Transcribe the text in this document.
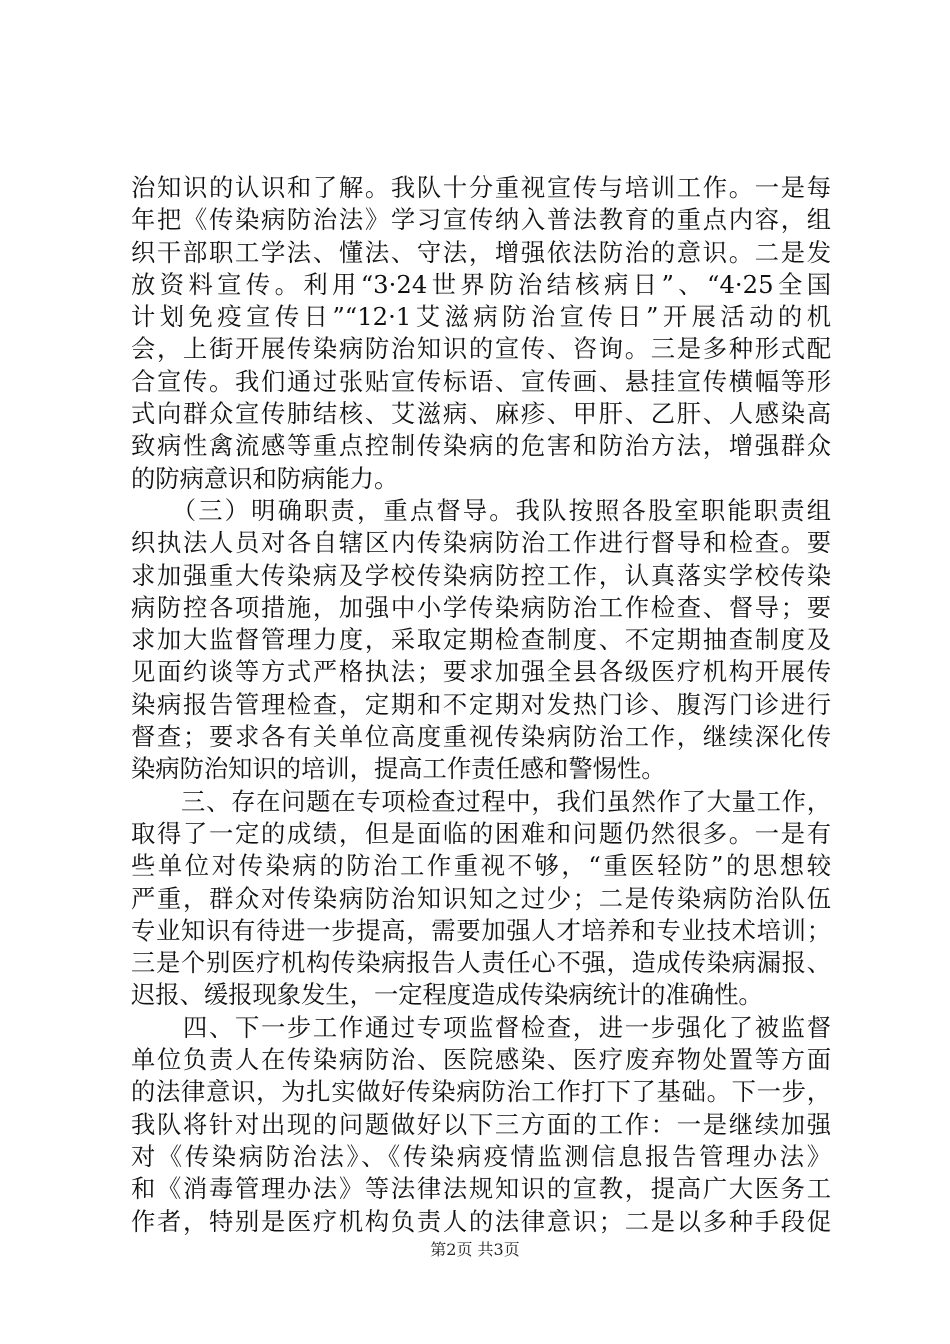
治知识的认识和了解。我队十分重视宣传与培训工作。一是每
年把《传染病防治法》学习宣传纳入普法教育的重点内容，组
织干部职工学法、懂法、守法，增强依法防治的意识。二是发
放资料宣传。利用“3·24世界防治结核病日”、“4·25全国
计划免疫宣传日”“12·1艾滋病防治宣传日”开展活动的机
会，上街开展传染病防治知识的宣传、咨询。三是多种形式配
合宣传。我们通过张贴宣传标语、宣传画、悬挂宣传横幅等形
式向群众宣传肺结核、艾滋病、麻疹、甲肝、乙肝、人感染高
致病性禽流感等重点控制传染病的危害和防治方法，增强群众
的防病意识和防病能力。
　　（三）明确职责，重点督导。我队按照各股室职能职责组
织执法人员对各自辖区内传染病防治工作进行督导和检查。要
求加强重大传染病及学校传染病防控工作，认真落实学校传染
病防控各项措施，加强中小学传染病防治工作检查、督导；要
求加大监督管理力度，采取定期检查制度、不定期抽查制度及
见面约谈等方式严格执法；要求加强全县各级医疗机构开展传
染病报告管理检查，定期和不定期对发热门诊、腹泻门诊进行
督查；要求各有关单位高度重视传染病防治工作，继续深化传
染病防治知识的培训，提高工作责任感和警惕性。
　　三、存在问题在专项检查过程中，我们虽然作了大量工作，
取得了一定的成绩，但是面临的困难和问题仍然很多。一是有
些单位对传染病的防治工作重视不够，“重医轻防”的思想较
严重，群众对传染病防治知识知之过少；二是传染病防治队伍
专业知识有待进一步提高，需要加强人才培养和专业技术培训；
三是个别医疗机构传染病报告人责任心不强，造成传染病漏报、
迟报、缓报现象发生，一定程度造成传染病统计的准确性。
　　四、下一步工作通过专项监督检查，进一步强化了被监督
单位负责人在传染病防治、医院感染、医疗废弃物处置等方面
的法律意识，为扎实做好传染病防治工作打下了基础。下一步，
我队将针对出现的问题做好以下三方面的工作：一是继续加强
对《传染病防治法》、《传染病疫情监测信息报告管理办法》
和《消毒管理办法》等法律法规知识的宣教，提高广大医务工
作者，特别是医疗机构负责人的法律意识；二是以多种手段促
第2页 共3页
